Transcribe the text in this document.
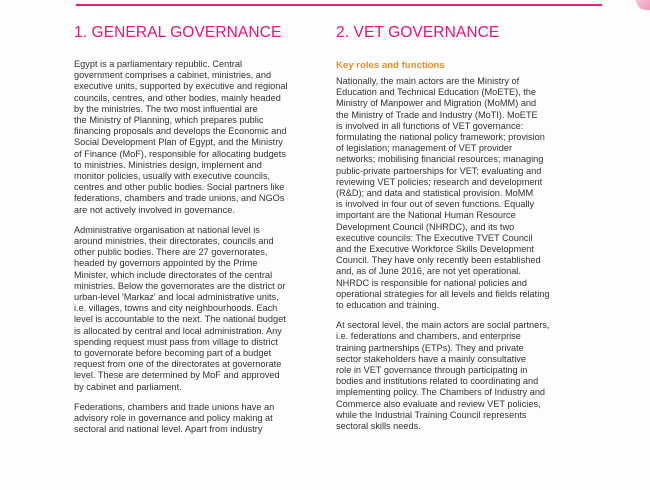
1. GENERAL GOVERNANCE

Egypt is a parliamentary republic. Central
government comprises a cabinet, ministries, and
executive units, supported by executive and regional
councils, centres, and other bodies, mainly headed
by the ministries. The two most influential are
the Ministry of Planning, which prepares public
financing proposals and develops the Economic and
Social Development Plan of Egypt, and the Ministry
of Finance (MoF), responsible for allocating budgets
to ministries. Ministries design, implement and
monitor policies, usually with executive councils,
centres and other public bodies. Social partners like
federations, chambers and trade unions, and NGOs
are not actively involved in governance.

Administrative organisation at national level is
around ministries, their directorates, councils and
other public bodies. There are 27 governorates,
headed by governors appointed by the Prime
Minister, which include directorates of the central
ministries. Below the governorates are the district or
urban-level 'Markaz' and local administrative units,
i.e. villages, towns and city neighbourhoods. Each
level is accountable to the next. The national budget
is allocated by central and local administration. Any
spending request must pass from village to district
to governorate before becoming part of a budget
request from one of the directorates at governorate
level. These are determined by MoF and approved
by cabinet and parliament.

Federations, chambers and trade unions have an
advisory role in governance and policy making at
sectoral and national level. Apart from industry

2. VET GOVERNANCE
Key roles and functions

Nationally, the main actors are the Ministry of
Education and Technical Education (MoETE), the
Ministry of Manpower and Migration (MoMM) and
the Ministry of Trade and Industry (MoTI). MoETE
is involved in all functions of VET governance:
formulating the national policy framework; provision
of legislation; management of VET provider
networks; mobilising financial resources; managing
public-private partnerships for VET; evaluating and
reviewing VET policies; research and development
(R&D); and data and statistical provision. MoMM
is involved in four out of seven functions. Equally
important are the National Human Resource
Development Council (NHRDC), and its two
executive councils: The Executive TVET Council
and the Executive Workforce Skills Development
Council. They have only recently been established
and, as of June 2016, are not yet operational.
NHRDC is responsible for national policies and
operational strategies for all levels and fields relating
to education and training.

At sectoral level, the main actors are social partners,
i.e. federations and chambers, and enterprise
training partnerships (ETPs). They and private
sector stakeholders have a mainly consultative
role in VET governance through participating in
bodies and institutions related to coordinating and
implementing policy. The Chambers of Industry and
Commerce also evaluate and review VET policies,
while the Industrial Training Council represents
sectoral skills needs.
